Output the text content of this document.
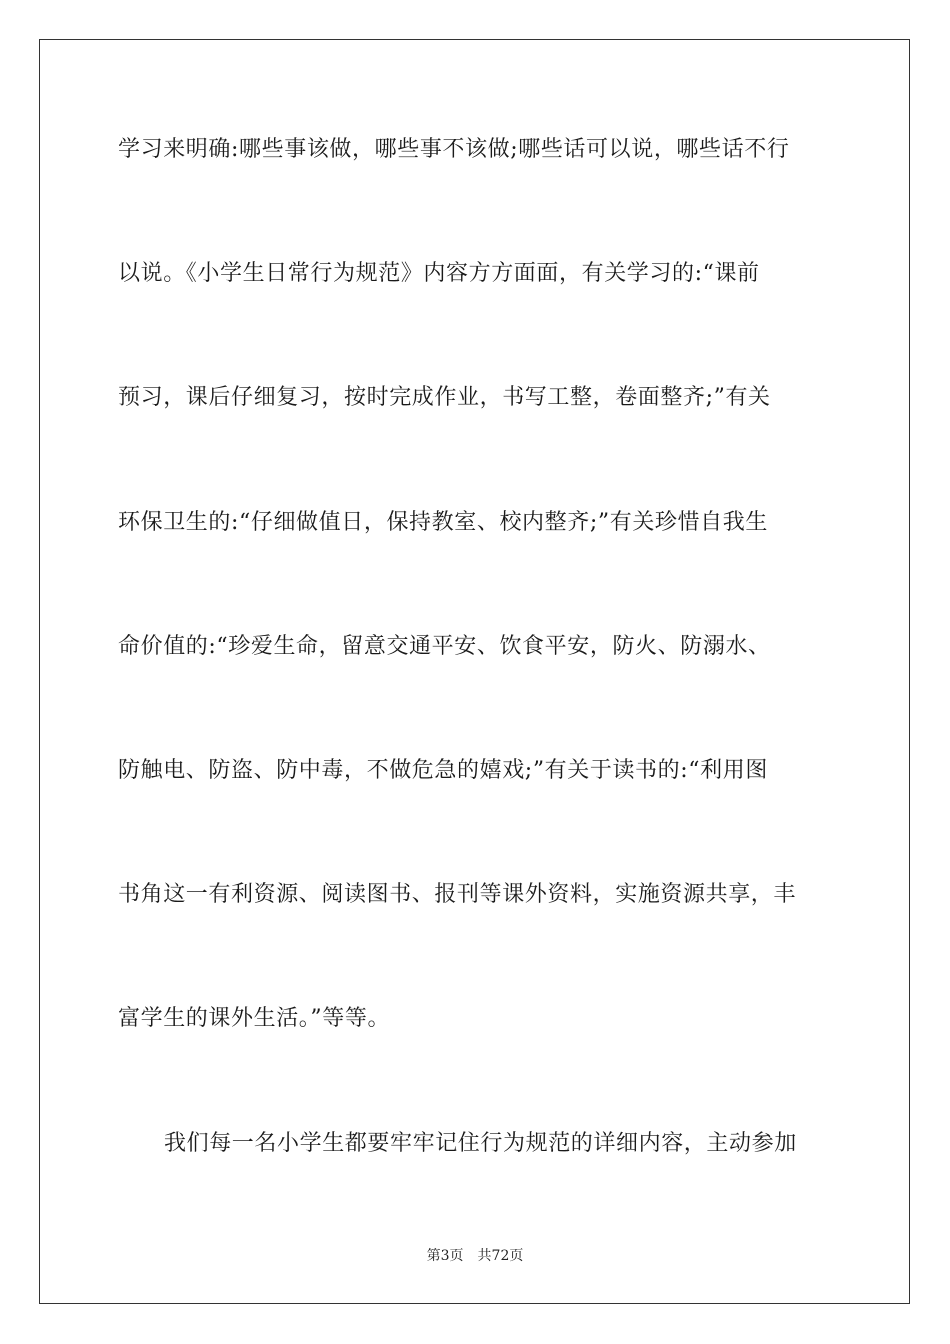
学习来明确:哪些事该做，哪些事不该做;哪些话可以说，哪些话不行
以说。《小学生日常行为规范》内容方方面面，有关学习的:“课前
预习，课后仔细复习，按时完成作业，书写工整，卷面整齐;”有关
环保卫生的:“仔细做值日，保持教室、校内整齐;”有关珍惜自我生
命价值的:“珍爱生命，留意交通平安、饮食平安，防火、防溺水、
防触电、防盗、防中毒，不做危急的嬉戏;”有关于读书的:“利用图
书角这一有利资源、阅读图书、报刊等课外资料，实施资源共享，丰
富学生的课外生活。”等等。
我们每一名小学生都要牢牢记住行为规范的详细内容，主动参加
第3页 共72页
